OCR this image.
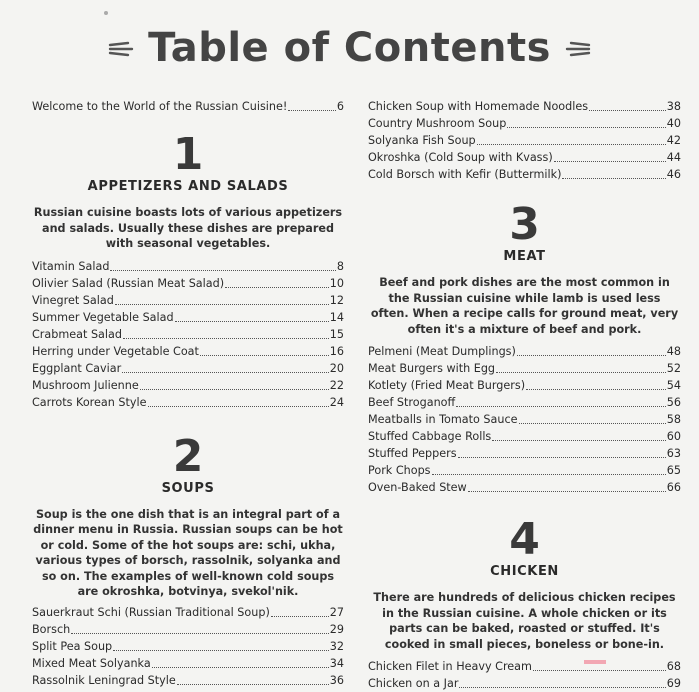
Table of Contents
Welcome to the World of the Russian Cuisine!	6
1
APPETIZERS AND SALADS
Russian cuisine boasts lots of various appetizers and salads. Usually these dishes are prepared with seasonal vegetables.
Vitamin Salad	8
Olivier Salad (Russian Meat Salad)	10
Vinegret Salad	12
Summer Vegetable Salad	14
Crabmeat Salad	15
Herring under Vegetable Coat	16
Eggplant Caviar	20
Mushroom Julienne	22
Carrots Korean Style	24
2
SOUPS
Soup is the one dish that is an integral part of a dinner menu in Russia. Russian soups can be hot or cold. Some of the hot soups are: schi, ukha, various types of borsch, rassolnik, solyanka and so on. The examples of well-known cold soups are okroshka, botvinya, svekol'nik.
Sauerkraut Schi (Russian Traditional Soup)	27
Borsch	29
Split Pea Soup	32
Mixed Meat Solyanka	34
Rassolnik Leningrad Style	36
Chicken Soup with Homemade Noodles	38
Country Mushroom Soup	40
Solyanka Fish Soup	42
Okroshka (Cold Soup with Kvass)	44
Cold Borsch with Kefir (Buttermilk)	46
3
MEAT
Beef and pork dishes are the most common in the Russian cuisine while lamb is used less often. When a recipe calls for ground meat, very often it's a mixture of beef and pork.
Pelmeni (Meat Dumplings)	48
Meat Burgers with Egg	52
Kotlety (Fried Meat Burgers)	54
Beef Stroganoff	56
Meatballs in Tomato Sauce	58
Stuffed Cabbage Rolls	60
Stuffed Peppers	63
Pork Chops	65
Oven-Baked Stew	66
4
CHICKEN
There are hundreds of delicious chicken recipes in the Russian cuisine. A whole chicken or its parts can be baked, roasted or stuffed. It's cooked in small pieces, boneless or bone-in.
Chicken Filet in Heavy Cream	68
Chicken on a Jar	69
